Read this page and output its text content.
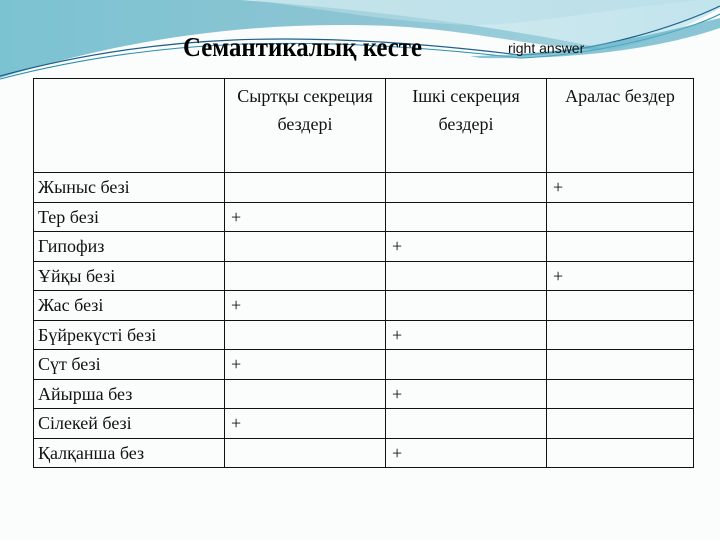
Семантикалық кесте	right answer
	Сыртқы секреция бездері	Ішкі секреция бездері	Аралас бездер
Жыныс безі			+
Тер безі	+		
Гипофиз		+	
Ұйқы безі			+
Жас безі	+		
Бүйрекүсті безі		+	
Сүт безі	+		
Айырша без		+	
Сілекей безі	+		
Қалқанша без		+	
